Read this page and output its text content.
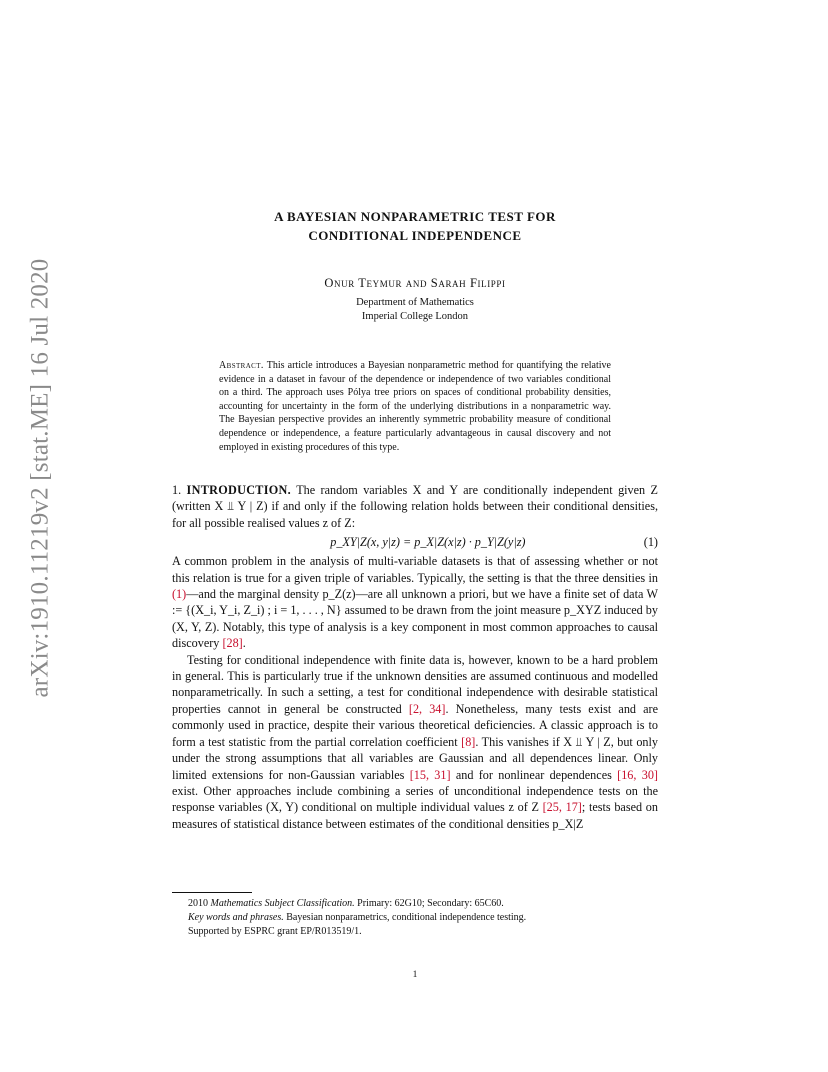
arXiv:1910.11219v2 [stat.ME] 16 Jul 2020
A BAYESIAN NONPARAMETRIC TEST FOR
CONDITIONAL INDEPENDENCE
Onur Teymur and Sarah Filippi
Department of Mathematics
Imperial College London
Abstract. This article introduces a Bayesian nonparametric method for quantifying the relative evidence in a dataset in favour of the dependence or independence of two variables conditional on a third. The approach uses Pólya tree priors on spaces of conditional probability densities, accounting for uncertainty in the form of the underlying distributions in a nonparametric way. The Bayesian perspective provides an inherently symmetric probability measure of conditional dependence or independence, a feature particularly advantageous in causal discovery and not employed in existing procedures of this type.

1. INTRODUCTION. The random variables X and Y are conditionally independent given Z (written X ⫫ Y | Z) if and only if the following relation holds between their conditional densities, for all possible realised values z of Z:

p_XY|Z(x, y|z) = p_X|Z(x|z) · p_Y|Z(y|z)	(1)

A common problem in the analysis of multi-variable datasets is that of assessing whether or not this relation is true for a given triple of variables. Typically, the setting is that the three densities in (1)—and the marginal density p_Z(z)—are all unknown a priori, but we have a finite set of data W := {(X_i, Y_i, Z_i) ; i = 1, . . . , N} assumed to be drawn from the joint measure p_XYZ induced by (X, Y, Z). Notably, this type of analysis is a key component in most common approaches to causal discovery [28].

Testing for conditional independence with finite data is, however, known to be a hard problem in general. This is particularly true if the unknown densities are assumed continuous and modelled nonparametrically. In such a setting, a test for conditional independence with desirable statistical properties cannot in general be constructed [2, 34]. Nonetheless, many tests exist and are commonly used in practice, despite their various theoretical deficiencies. A classic approach is to form a test statistic from the partial correlation coefficient [8]. This vanishes if X ⫫ Y | Z, but only under the strong assumptions that all variables are Gaussian and all dependences linear. Only limited extensions for non-Gaussian variables [15, 31] and for nonlinear dependences [16, 30] exist. Other approaches include combining a series of unconditional independence tests on the response variables (X, Y) conditional on multiple individual values z of Z [25, 17]; tests based on measures of statistical distance between estimates of the conditional densities p_X|Z

2010 Mathematics Subject Classification. Primary: 62G10; Secondary: 65C60.
Key words and phrases. Bayesian nonparametrics, conditional independence testing.
Supported by ESPRC grant EP/R013519/1.
1
